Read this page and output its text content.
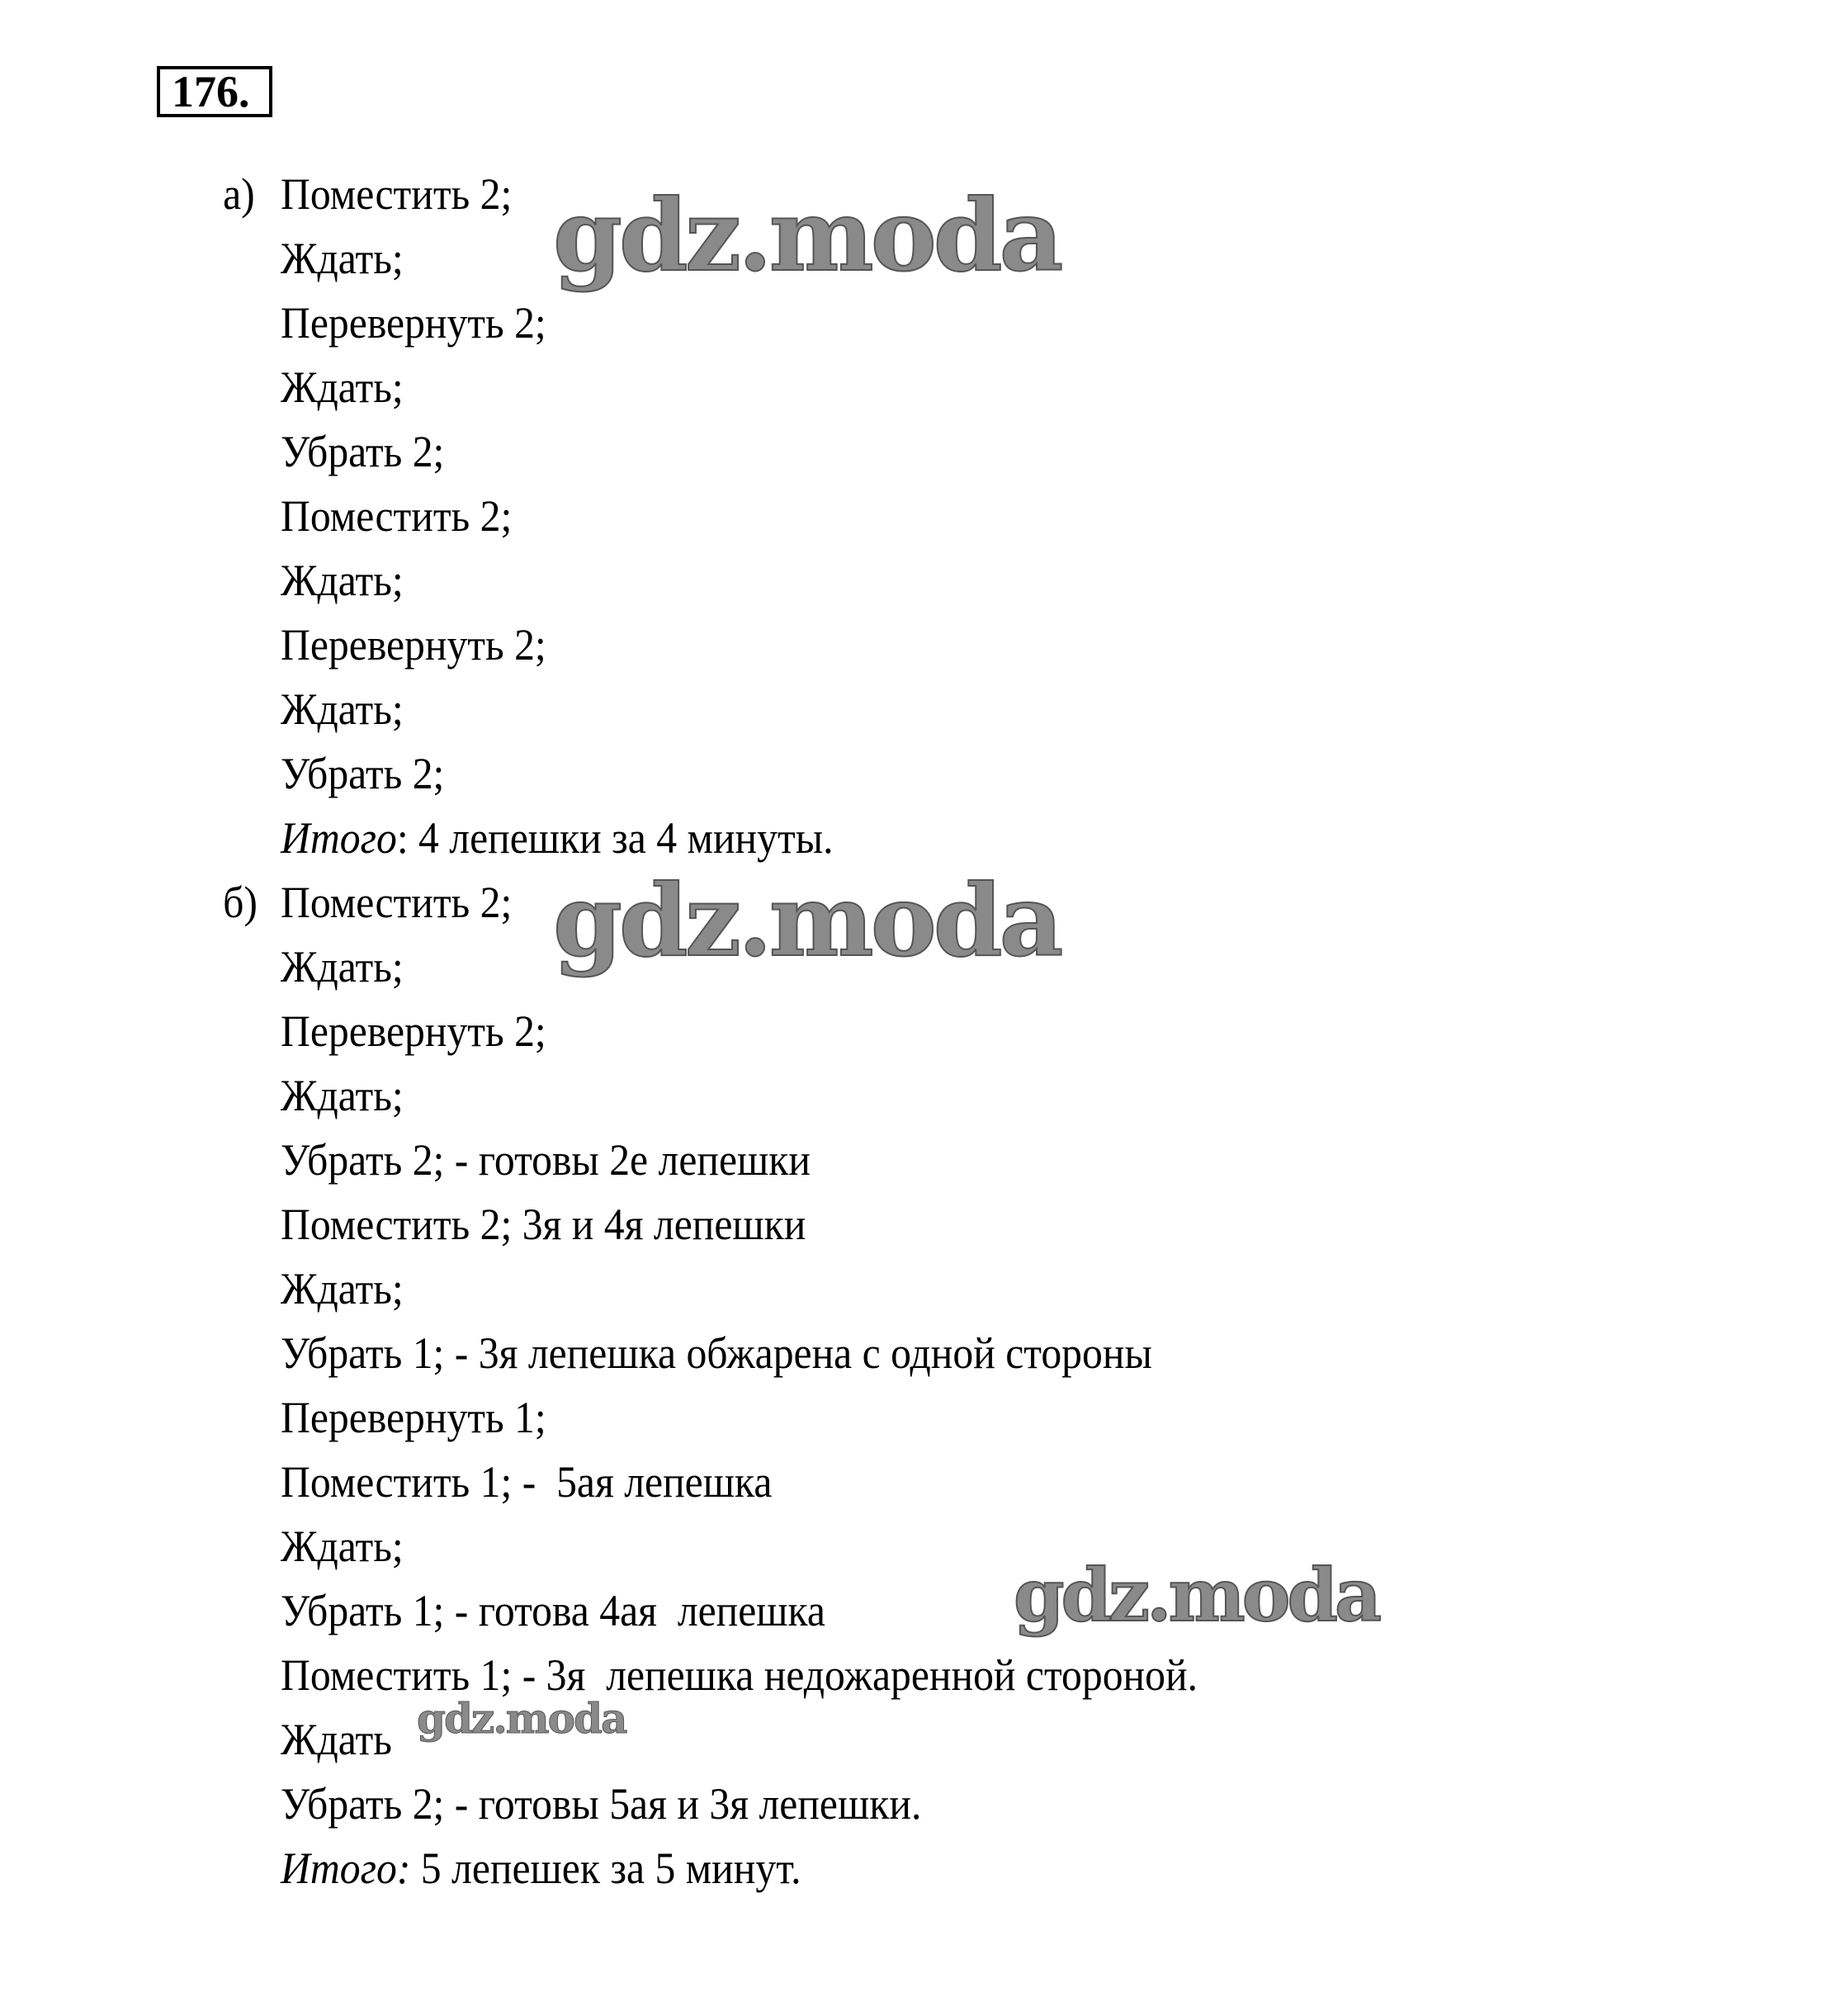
176.
а) Поместить 2;
Ждать;
Перевернуть 2;
Ждать;
Убрать 2;
Поместить 2;
Ждать;
Перевернуть 2;
Ждать;
Убрать 2;
Итого: 4 лепешки за 4 минуты.
б) Поместить 2;
Ждать;
Перевернуть 2;
Ждать;
Убрать 2; - готовы 2е лепешки
Поместить 2; 3я и 4я лепешки
Ждать;
Убрать 1; - 3я лепешка обжарена с одной стороны
Перевернуть 1;
Поместить 1; -  5ая лепешка
Ждать;
Убрать 1; - готова 4ая  лепешка
Поместить 1; - 3я  лепешка недожаренной стороной.
Ждать
Убрать 2; - готовы 5ая и 3я лепешки.
Итого: 5 лепешек за 5 минут.
gdz.moda
gdz.moda
gdz.moda
gdz.moda
